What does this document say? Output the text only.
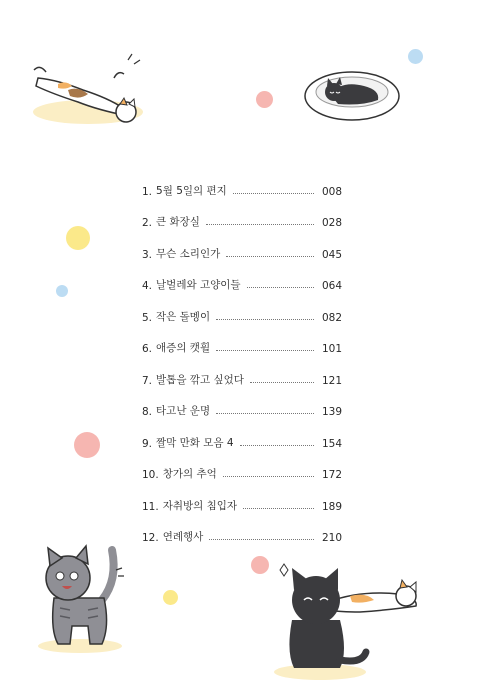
1. 5월 5일의 편지	008
2. 큰 화장실	028
3. 무슨 소리인가	045
4. 날벌레와 고양이들	064
5. 작은 돌멩이	082
6. 애증의 캣휠	101
7. 발톱을 깎고 싶었다	121
8. 타고난 운명	139
9. 짤막 만화 모음 4	154
10. 창가의 추억	172
11. 자취방의 침입자	189
12. 연례행사	210
